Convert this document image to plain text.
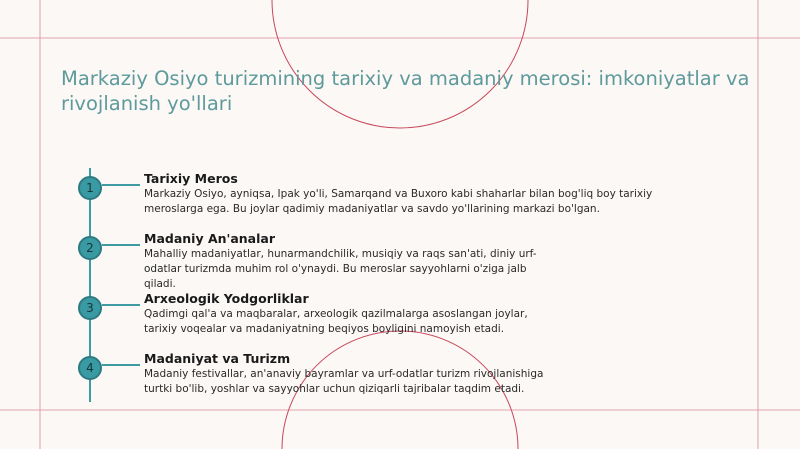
Markaziy Osiyo turizmining tarixiy va madaniy merosi: imkoniyatlar va rivojlanish yo'llari
1
Tarixiy Meros
Markaziy Osiyo, ayniqsa, Ipak yo'li, Samarqand va Buxoro kabi shaharlar bilan bog'liq boy tarixiy meroslarga ega. Bu joylar qadimiy madaniyatlar va savdo yo'llarining markazi bo'lgan.
2
Madaniy An'analar
Mahalliy madaniyatlar, hunarmandchilik, musiqiy va raqs san'ati, diniy urf-odatlar turizmda muhim rol o'ynaydi. Bu meroslar sayyohlarni o'ziga jalb qiladi.
3
Arxeologik Yodgorliklar
Qadimgi qal'a va maqbaralar, arxeologik qazilmalarga asoslangan joylar, tarixiy voqealar va madaniyatning beqiyos boyligini namoyish etadi.
4
Madaniyat va Turizm
Madaniy festivallar, an'anaviy bayramlar va urf-odatlar turizm rivojlanishiga turtki bo'lib, yoshlar va sayyohlar uchun qiziqarli tajribalar taqdim etadi.
